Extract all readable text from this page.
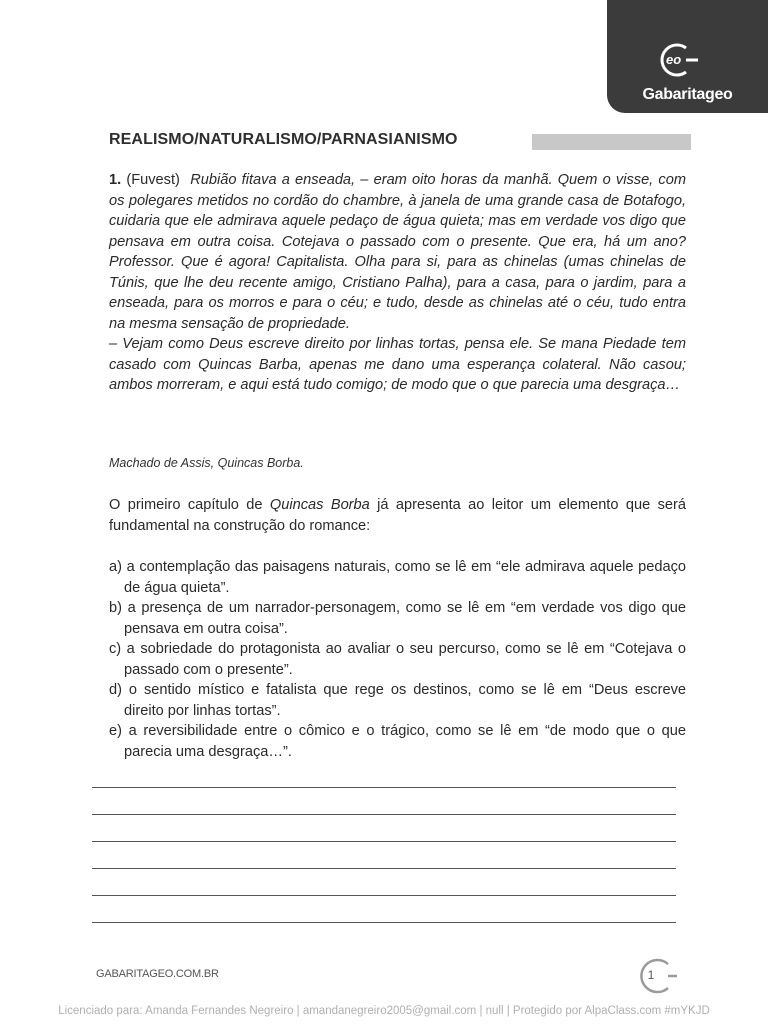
eo
Gabaritageo
REALISMO/NATURALISMO/PARNASIANISMO

1. (Fuvest) Rubião fitava a enseada, – eram oito horas da manhã. Quem o visse, com os polegares metidos no cordão do chambre, à janela de uma grande casa de Botafogo, cuidaria que ele admirava aquele pedaço de água quieta; mas em verdade vos digo que pensava em outra coisa. Cotejava o passado com o presente. Que era, há um ano? Professor. Que é agora! Capitalista. Olha para si, para as chinelas (umas chinelas de Túnis, que lhe deu recente amigo, Cristiano Palha), para a casa, para o jardim, para a enseada, para os morros e para o céu; e tudo, desde as chinelas até o céu, tudo entra na mesma sensação de propriedade.

– Vejam como Deus escreve direito por linhas tortas, pensa ele. Se mana Piedade tem casado com Quincas Barba, apenas me dano uma esperança colateral. Não casou; ambos morreram, e aqui está tudo comigo; de modo que o que parecia uma desgraça…

Machado de Assis, Quincas Borba.
O primeiro capítulo de Quincas Borba já apresenta ao leitor um elemento que será fundamental na construção do romance:
a) a contemplação das paisagens naturais, como se lê em “ele admirava aquele pedaço de água quieta”.
b) a presença de um narrador-personagem, como se lê em “em verdade vos digo que pensava em outra coisa”.
c) a sobriedade do protagonista ao avaliar o seu percurso, como se lê em “Cotejava o passado com o presente”.
d) o sentido místico e fatalista que rege os destinos, como se lê em “Deus escreve direito por linhas tortas”.
e) a reversibilidade entre o cômico e o trágico, como se lê em “de modo que o que parecia uma desgraça…”.
GABARITAGEO.COM.BR	1
Licenciado para: Amanda Fernandes Negreiro | amandanegreiro2005@gmail.com | null | Protegido por AlpaClass.com #mYKJD
